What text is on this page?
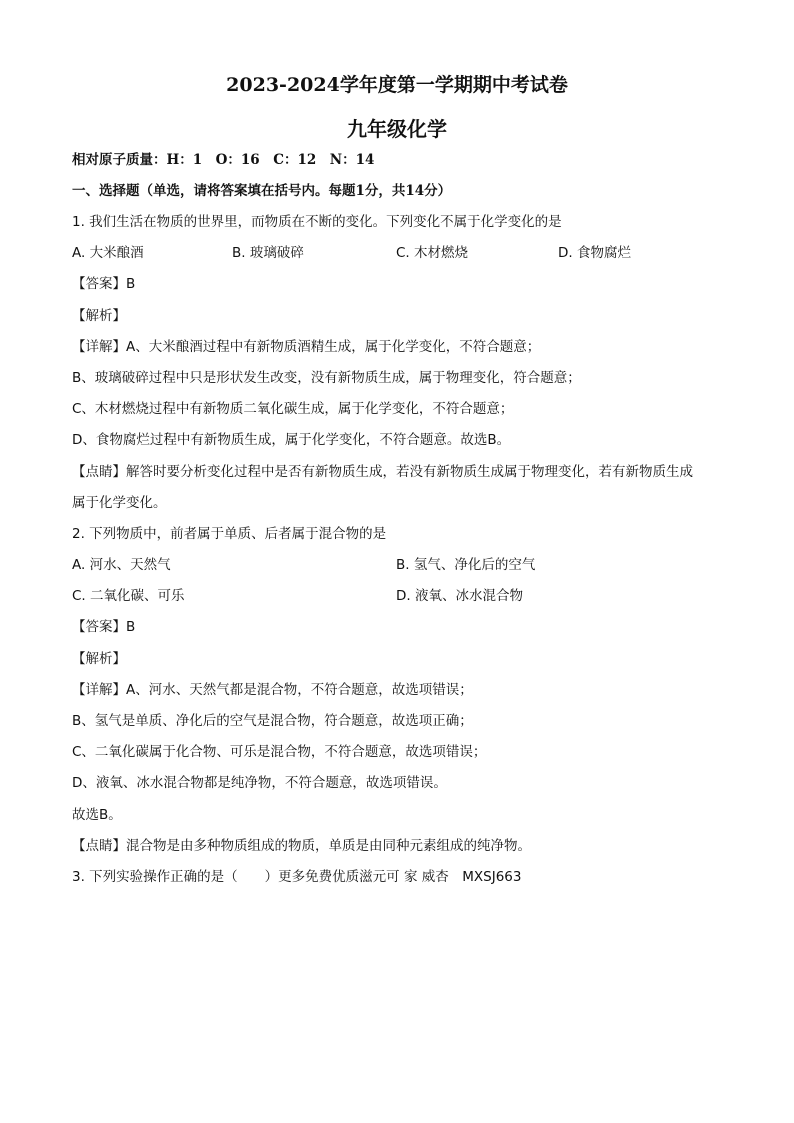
2023-2024学年度第一学期期中考试卷
九年级化学
相对原子质量：H：1　O：16　C：12　N：14
一、选择题（单选，请将答案填在括号内。每题1分，共14分）
1. 我们生活在物质的世界里，而物质在不断的变化。下列变化不属于化学变化的是
A. 大米酿酒	B. 玻璃破碎	C. 木材燃烧	D. 食物腐烂
【答案】B
【解析】
【详解】A、大米酿酒过程中有新物质酒精生成，属于化学变化，不符合题意；
B、玻璃破碎过程中只是形状发生改变，没有新物质生成，属于物理变化，符合题意；
C、木材燃烧过程中有新物质二氧化碳生成，属于化学变化，不符合题意；
D、食物腐烂过程中有新物质生成，属于化学变化，不符合题意。故选B。
【点睛】解答时要分析变化过程中是否有新物质生成，若没有新物质生成属于物理变化，若有新物质生成
属于化学变化。
2. 下列物质中，前者属于单质、后者属于混合物的是
A. 河水、天然气	B. 氢气、净化后的空气
C. 二氧化碳、可乐	D. 液氧、冰水混合物
【答案】B
【解析】
【详解】A、河水、天然气都是混合物，不符合题意，故选项错误；
B、氢气是单质、净化后的空气是混合物，符合题意，故选项正确；
C、二氧化碳属于化合物、可乐是混合物，不符合题意，故选项错误；
D、液氧、冰水混合物都是纯净物，不符合题意，故选项错误。
故选B。
【点睛】混合物是由多种物质组成的物质，单质是由同种元素组成的纯净物。
3. 下列实验操作正确的是（　　）更多免费优质滋元可 家 威杏　MXSJ663
